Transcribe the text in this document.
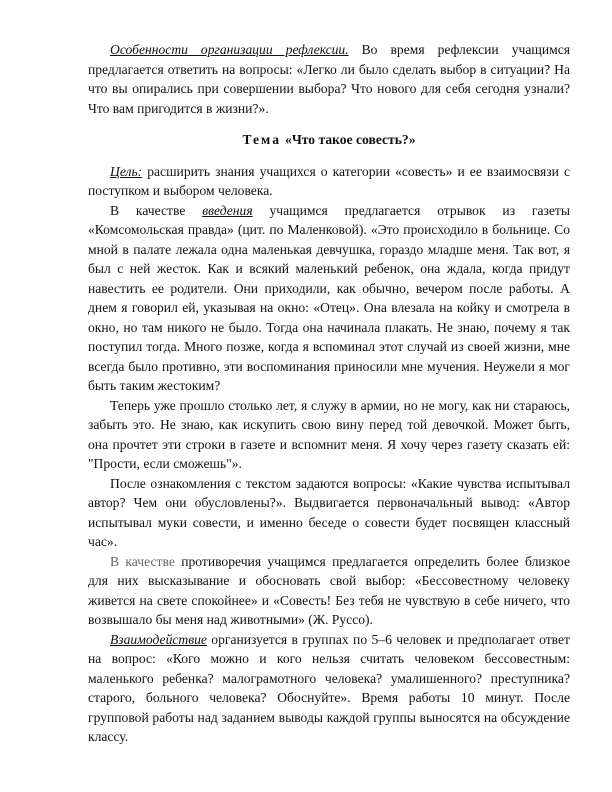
Особенности организации рефлексии. Во время рефлексии учащимся предлагается ответить на вопросы: «Легко ли было сделать выбор в ситуации? На что вы опирались при совершении выбора? Что нового для себя сегодня узнали? Что вам пригодится в жизни?».

Тема «Что такое совесть?»

Цель: расширить знания учащихся о категории «совесть» и ее взаимосвязи с поступком и выбором человека.

В качестве введения учащимся предлагается отрывок из газеты «Комсомольская правда» (цит. по Маленковой). «Это происходило в больнице. Со мной в палате лежала одна маленькая девчушка, гораздо младше меня. Так вот, я был с ней жесток. Как и всякий маленький ребенок, она ждала, когда придут навестить ее родители. Они приходили, как обычно, вечером после работы. А днем я говорил ей, указывая на окно: «Отец». Она влезала на койку и смотрела в окно, но там никого не было. Тогда она начинала плакать. Не знаю, почему я так поступил тогда. Много позже, когда я вспоминал этот случай из своей жизни, мне всегда было противно, эти воспоминания приносили мне мучения. Неужели я мог быть таким жестоким?

Теперь уже прошло столько лет, я служу в армии, но не могу, как ни стараюсь, забыть это. Не знаю, как искупить свою вину перед той девочкой. Может быть, она прочтет эти строки в газете и вспомнит меня. Я хочу через газету сказать ей: "Прости, если сможешь"».

После ознакомления с текстом задаются вопросы: «Какие чувства испытывал автор? Чем они обусловлены?». Выдвигается первоначальный вывод: «Автор испытывал муки совести, и именно беседе о совести будет посвящен классный час».

В качестве противоречия учащимся предлагается определить более близкое для них высказывание и обосновать свой выбор: «Бессовестному человеку живется на свете спокойнее» и «Совесть! Без тебя не чувствую в себе ничего, что возвышало бы меня над животными» (Ж. Руссо).

Взаимодействие организуется в группах по 5–6 человек и предполагает ответ на вопрос: «Кого можно и кого нельзя считать человеком бессовестным: маленького ребенка? малограмотного человека? умалишенного? преступника? старого, больного человека? Обоснуйте». Время работы 10 минут. После групповой работы над заданием выводы каждой группы выносятся на обсуждение классу.
